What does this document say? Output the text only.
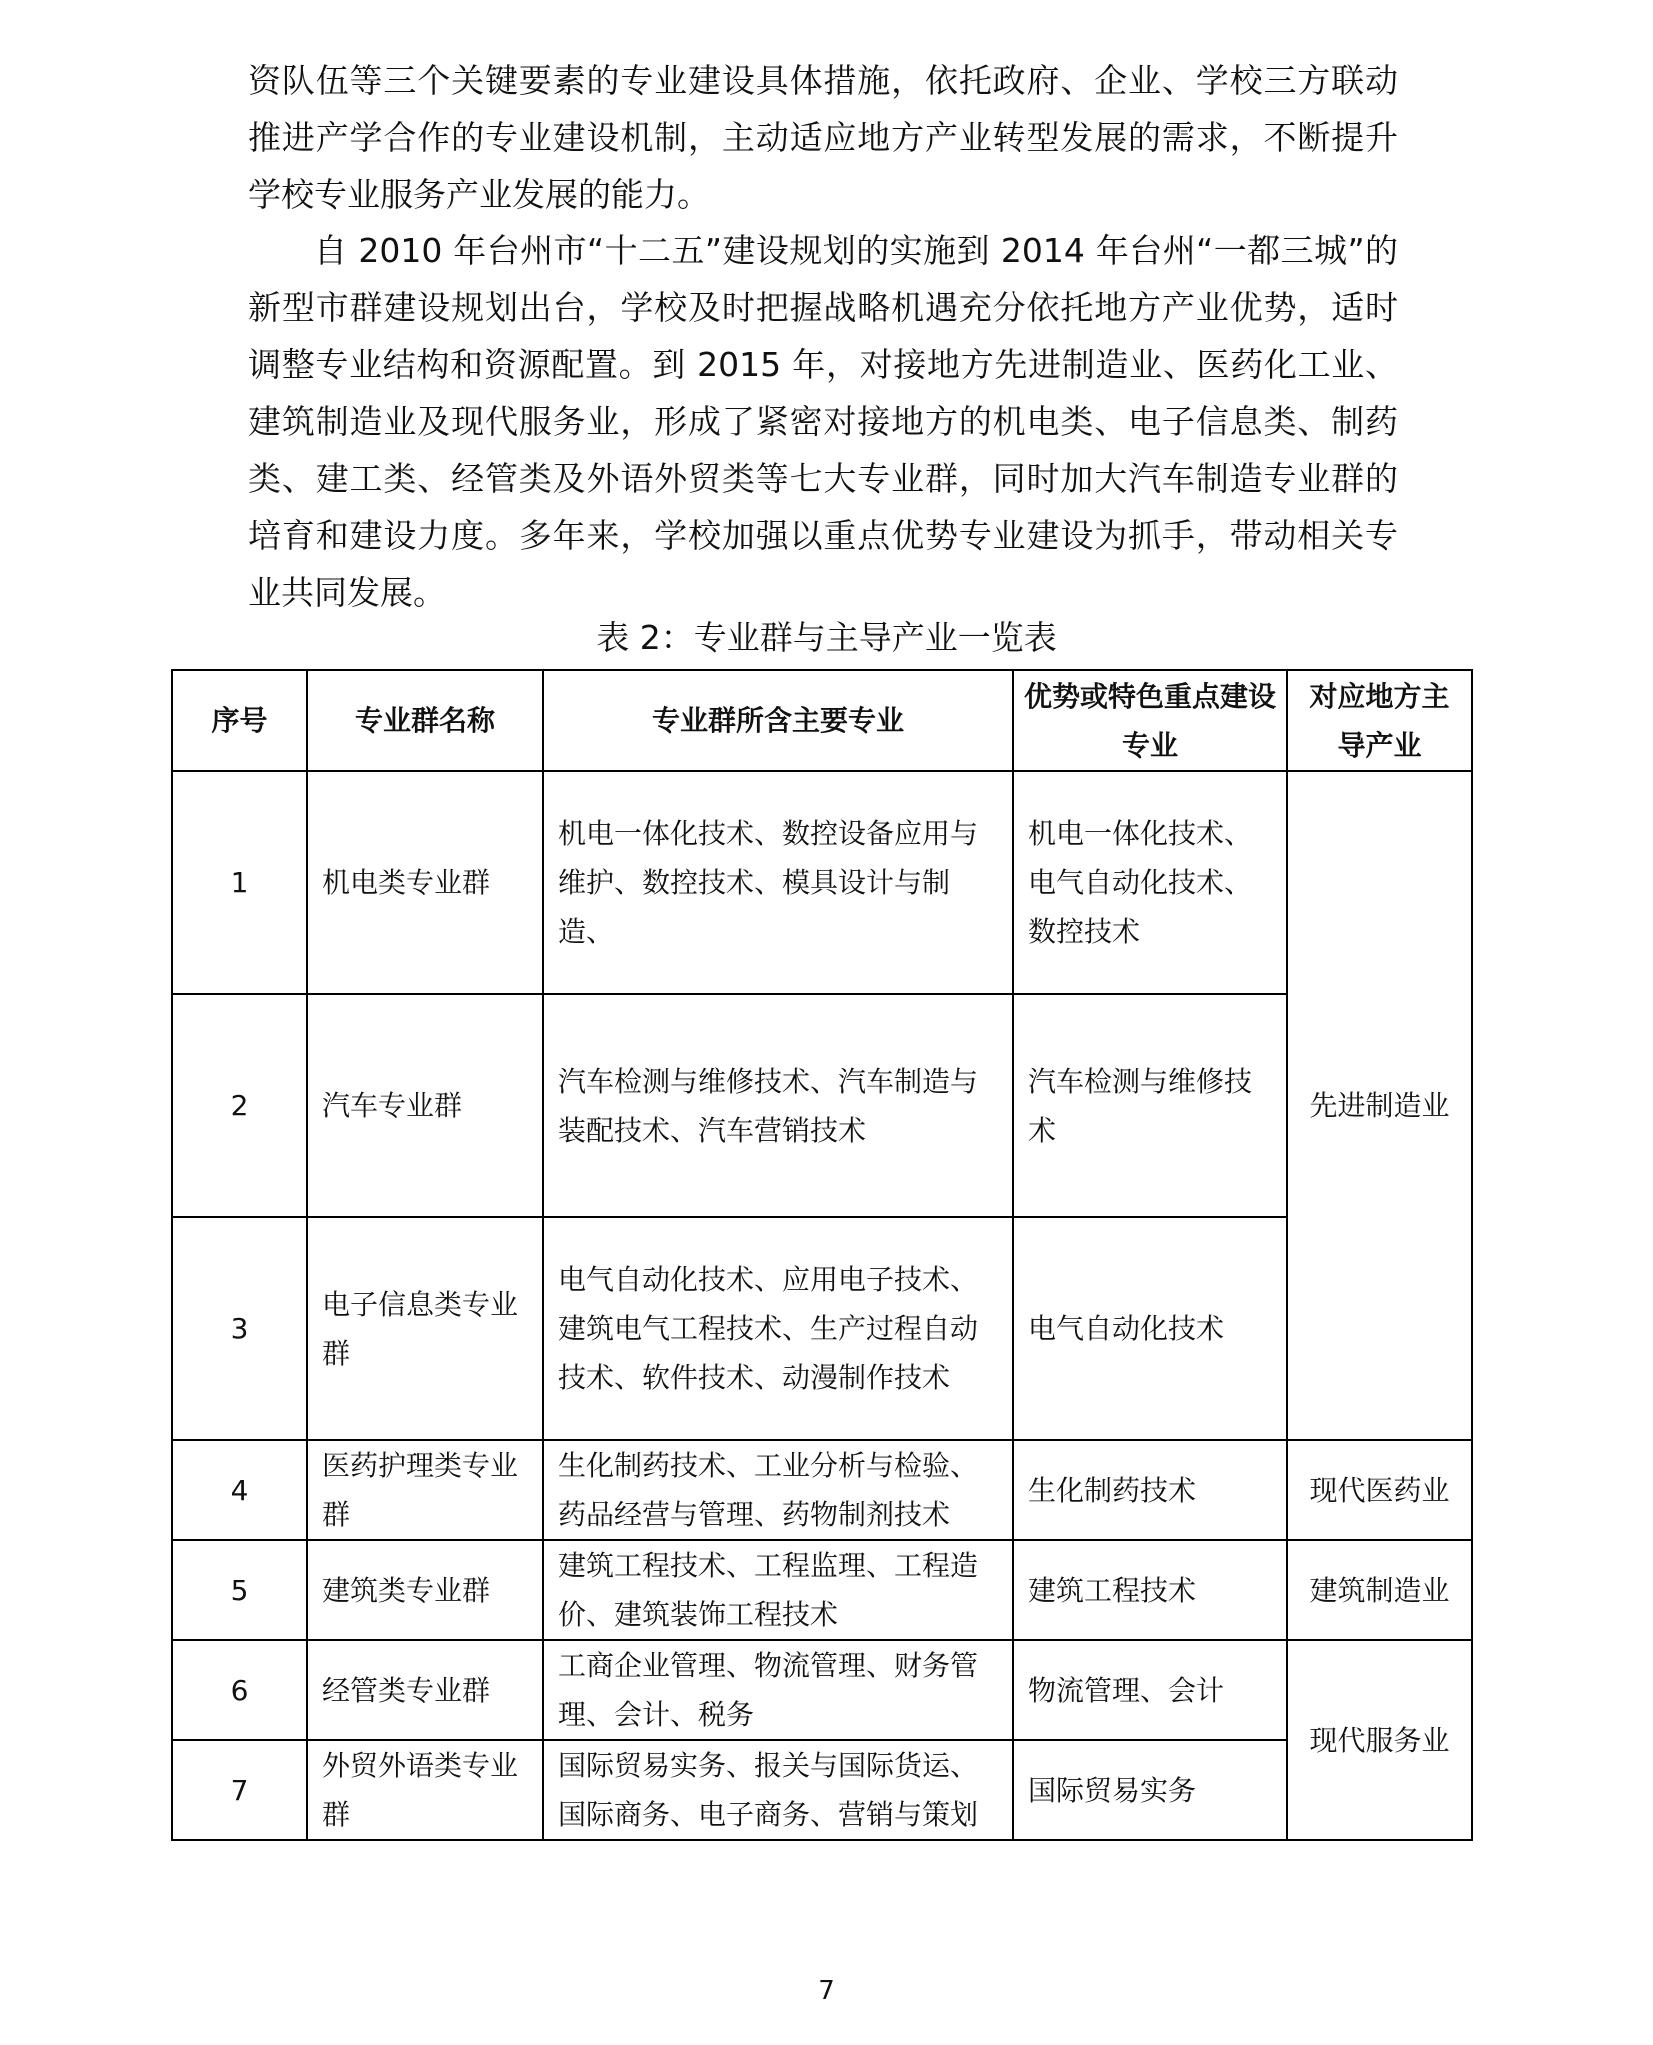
资队伍等三个关键要素的专业建设具体措施，依托政府、企业、学校三方联动推进产学合作的专业建设机制，主动适应地方产业转型发展的需求，不断提升学校专业服务产业发展的能力。

自 2010 年台州市“十二五”建设规划的实施到 2014 年台州“一都三城”的新型市群建设规划出台，学校及时把握战略机遇充分依托地方产业优势，适时调整专业结构和资源配置。到 2015 年，对接地方先进制造业、医药化工业、建筑制造业及现代服务业，形成了紧密对接地方的机电类、电子信息类、制药类、建工类、经管类及外语外贸类等七大专业群，同时加大汽车制造专业群的培育和建设力度。多年来，学校加强以重点优势专业建设为抓手，带动相关专业共同发展。

表 2：专业群与主导产业一览表
序号	专业群名称	专业群所含主要专业	优势或特色重点建设专业	对应地方主导产业
1	机电类专业群	机电一体化技术、数控设备应用与维护、数控技术、模具设计与制造、	机电一体化技术、电气自动化技术、数控技术	先进制造业
2	汽车专业群	汽车检测与维修技术、汽车制造与装配技术、汽车营销技术	汽车检测与维修技术	
3	电子信息类专业群	电气自动化技术、应用电子技术、建筑电气工程技术、生产过程自动技术、软件技术、动漫制作技术	电气自动化技术	
4	医药护理类专业群	生化制药技术、工业分析与检验、药品经营与管理、药物制剂技术	生化制药技术	现代医药业
5	建筑类专业群	建筑工程技术、工程监理、工程造价、建筑装饰工程技术	建筑工程技术	建筑制造业
6	经管类专业群	工商企业管理、物流管理、财务管理、会计、税务	物流管理、会计	现代服务业
7	外贸外语类专业群	国际贸易实务、报关与国际货运、国际商务、电子商务、营销与策划	国际贸易实务	
7
